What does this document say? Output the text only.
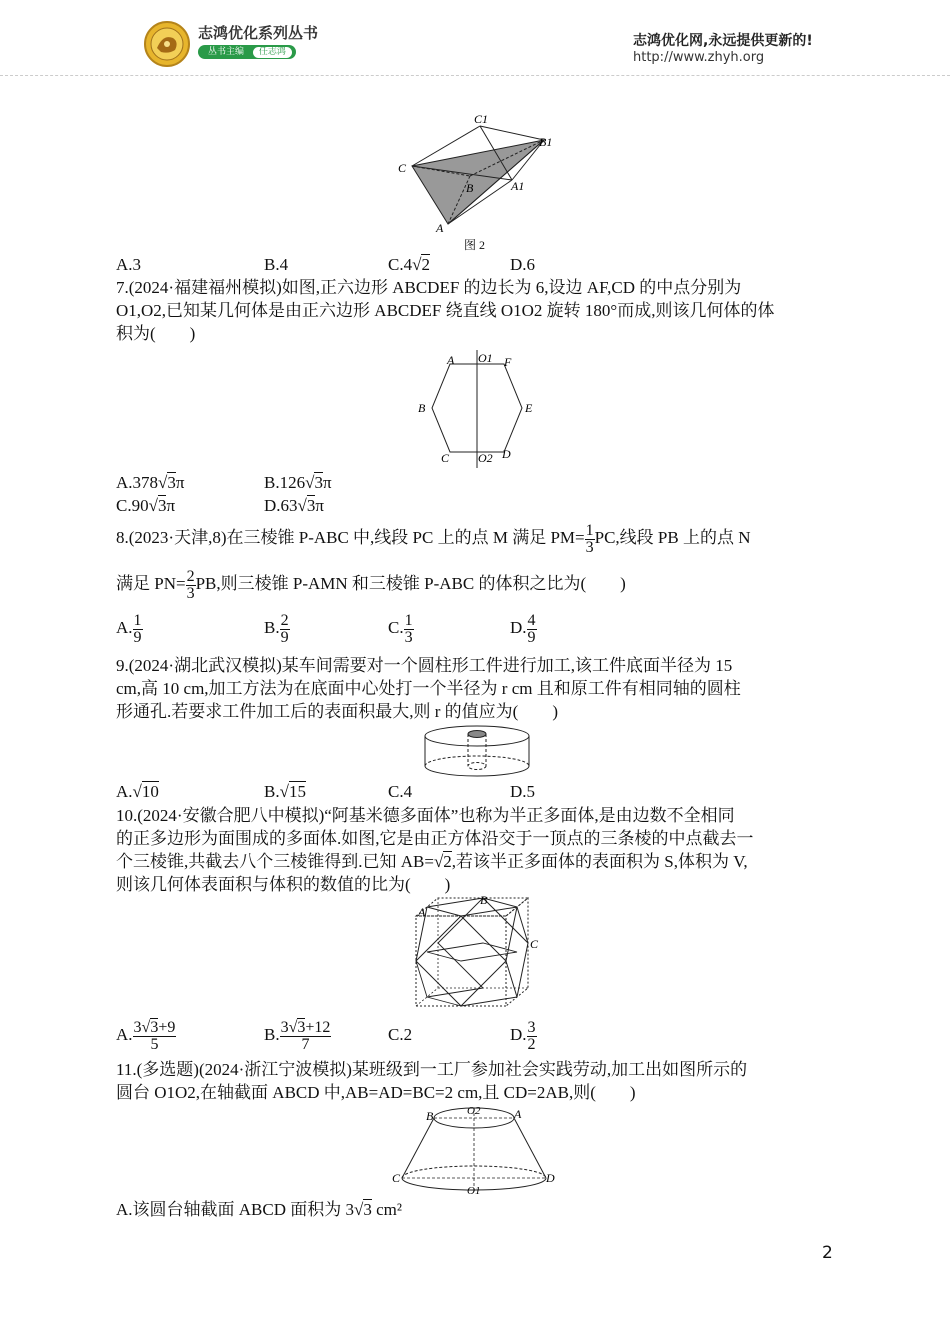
志鸿优化系列丛书
丛书主编 任志鸿
志鸿优化网,永远提供更新的!
http://www.zhyh.org
C1
B1
C
B	A1
A
图 2
A.3	B.4	C.4√2	D.6
7.(2024·福建福州模拟)如图,正六边形 ABCDEF 的边长为 6,设边 AF,CD 的中点分别为
O1,O2,已知某几何体是由正六边形 ABCDEF 绕直线 O1O2 旋转 180°而成,则该几何体的体
积为(　　)
A O1 F
B	E
C O2 D
A.378√3π	B.126√3π
C.90√3π	D.63√3π
8.(2023·天津,8)在三棱锥 P-ABC 中,线段 PC 上的点 M 满足 $PM= \frac{1}{3}$ PC,线段 PB 上的点 N
满足 $PN= \frac{2}{3}$ PB,则三棱锥 P-AMN 和三棱锥 P-ABC 的体积之比为(　　)
A. $\frac{1}{9}$	B. $\frac{2}{9}$	C. $\frac{1}{3}$	D. $\frac{4}{9}$
9.(2024·湖北武汉模拟)某车间需要对一个圆柱形工件进行加工,该工件底面半径为 15
cm,高 10 cm,加工方法为在底面中心处打一个半径为 r cm 且和原工件有相同轴的圆柱
形通孔.若要求工件加工后的表面积最大,则 r 的值应为(　　)
A.√10	B.√15	C.4	D.5
10.(2024·安徽合肥八中模拟)“阿基米德多面体”也称为半正多面体,是由边数不全相同
的正多边形为面围成的多面体.如图,它是由正方体沿交于一顶点的三条棱的中点截去一
个三棱锥,共截去八个三棱锥得到.已知 AB=√2,若该半正多面体的表面积为 S,体积为 V,
则该几何体表面积与体积的数值的比为(　　)
A
B
C
A. $\frac{3√3+9}{5}$	B. $\frac{3√3+12}{7}$	C.2	D. $\frac{3}{2}$
11.(多选题)(2024·浙江宁波模拟)某班级到一工厂参加社会实践劳动,加工出如图所示的
圆台 O1O2,在轴截面 ABCD 中,AB=AD=BC=2 cm,且 CD=2AB,则(　　)
B	O2	A
C
O1
D
A.该圆台轴截面 ABCD 面积为 3√3 cm²
2
